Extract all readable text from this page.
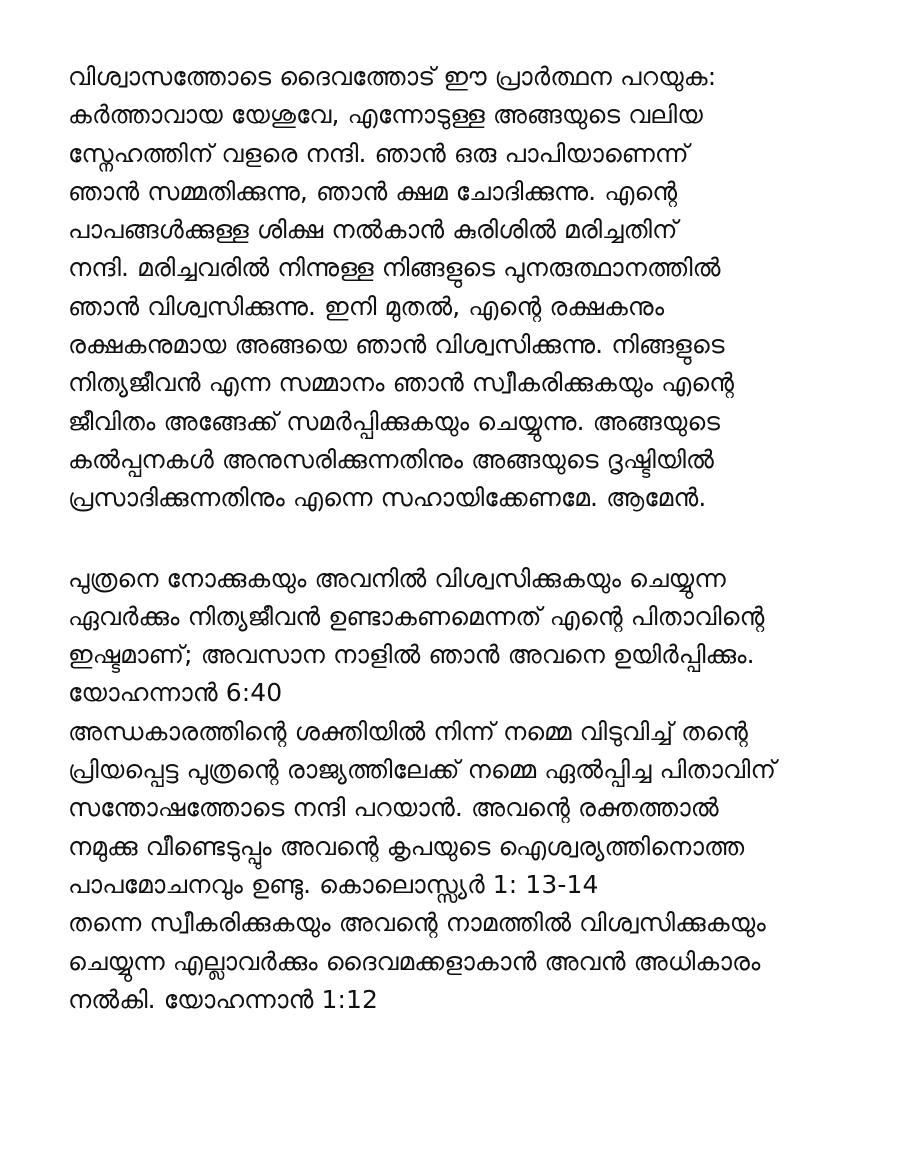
വിശ്വാസത്തോടെ ദൈവത്തോട് ഈ പ്രാർത്ഥന പറയുക:
കർത്താവായ യേശുവേ, എന്നോടുള്ള അങ്ങയുടെ വലിയ
സ്നേഹത്തിന് വളരെ നന്ദി. ഞാൻ ഒരു പാപിയാണെന്ന്
ഞാൻ സമ്മതിക്കുന്നു, ഞാൻ ക്ഷമ ചോദിക്കുന്നു. എന്റെ
പാപങ്ങൾക്കുള്ള ശിക്ഷ നൽകാൻ കുരിശിൽ മരിച്ചതിന്
നന്ദി. മരിച്ചവരിൽ നിന്നുള്ള നിങ്ങളുടെ പുനരുത്ഥാനത്തിൽ
ഞാൻ വിശ്വസിക്കുന്നു. ഇനി മുതൽ, എന്റെ രക്ഷകനും
രക്ഷകനുമായ അങ്ങയെ ഞാൻ വിശ്വസിക്കുന്നു. നിങ്ങളുടെ
നിത്യജീവൻ എന്ന സമ്മാനം ഞാൻ സ്വീകരിക്കുകയും എന്റെ
ജീവിതം അങ്ങേക്ക് സമർപ്പിക്കുകയും ചെയ്യുന്നു. അങ്ങയുടെ
കൽപ്പനകൾ അനുസരിക്കുന്നതിനും അങ്ങയുടെ ദൃഷ്ടിയിൽ
പ്രസാദിക്കുന്നതിനും എന്നെ സഹായിക്കേണമേ. ആമേൻ.
പുത്രനെ നോക്കുകയും അവനിൽ വിശ്വസിക്കുകയും ചെയ്യുന്ന
ഏവർക്കും നിത്യജീവൻ ഉണ്ടാകണമെന്നത് എന്റെ പിതാവിന്റെ
ഇഷ്ടമാണ്; അവസാന നാളിൽ ഞാൻ അവനെ ഉയിർപ്പിക്കും.
യോഹന്നാൻ 6:40
അന്ധകാരത്തിന്റെ ശക്തിയിൽ നിന്ന് നമ്മെ വിടുവിച്ച് തന്റെ
പ്രിയപ്പെട്ട പുത്രന്റെ രാജ്യത്തിലേക്ക് നമ്മെ ഏൽപ്പിച്ച പിതാവിന്
സന്തോഷത്തോടെ നന്ദി പറയാൻ. അവന്റെ രക്തത്താൽ
നമുക്കു വീണ്ടെടുപ്പും അവന്റെ കൃപയുടെ ഐശ്വര്യത്തിനൊത്ത
പാപമോചനവും ഉണ്ടു. കൊലൊസ്സ്യർ 1: 13-14
തന്നെ സ്വീകരിക്കുകയും അവന്റെ നാമത്തിൽ വിശ്വസിക്കുകയും
ചെയ്യുന്ന എല്ലാവർക്കും ദൈവമക്കളാകാൻ അവൻ അധികാരം
നൽകി. യോഹന്നാൻ 1:12
